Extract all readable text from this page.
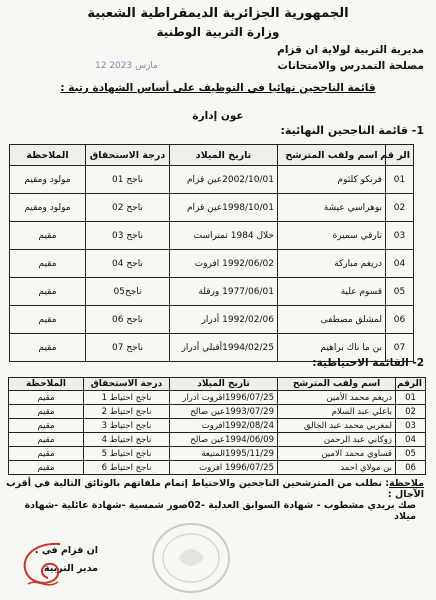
الجمهورية الجزائرية الديمقراطية الشعبية
وزارة التربية الوطنية
مديرية التربية لولاية ان قزام
مصلحة التمدرس والامتحانات
12 مارس 2023
قائمة الناجحين نهائيا في التوظيف على أساس الشهادة رتبة :
عون إدارة
1- قائمة الناجحين النهائية:
الر قم	اسم ولقب المترشح	تاريخ الميلاد	درجة الاستحقاق	الملاحظة
01	فرنكو كلثوم	2002/10/01عين قزام	ناجح 01	مولود ومقيم
02	بوهراسي عيشة	1998/10/01عين قزام	ناجح 02	مولود ومقيم
03	تارقي سميرة	خلال 1984 تمنراست	ناجح 03	مقيم
04	دريغم مباركة	1992/06/02 افروت	ناجح 04	مقيم
05	قسوم علية	1977/06/01 ورقلة	ناجح05	مقيم
06	لمشلق مصطفى	1992/02/06 أدرار	ناجح 06	مقيم
07	بن ما ناك براهيم	1994/02/25أقبلي أدرار	ناجح 07	مقيم
2- القائمة الاحتياطية:
الرقم	اسم ولقب المترشح	تاريخ الميلاد	درجة الاستحقاق	الملاحظة
01	دريغم محمد الأمين	1996/07/25افروت ادرار	ناجح احتياط 1	مقيم
02	باعلي عبد السلام	1993/07/29عين صالح	ناجح احتياط 2	مقيم
03	لمغربي محمد عبد الخالق	1992/08/24افروت	ناجح احتياط 3	مقيم
04	زوكاني عبد الرحمن	1994/06/09عين صالح	ناجح احتياط 4	مقيم
05	قساوي محمد الامين	1995/11/29المنيعة	ناجح احتياط 5	مقيم
06	بن مولاي احمد	1996/07/25 افروت	ناجح احتياط 6	مقيم
ملاحظة: نطلب من المترشحين الناجحين والاحتياط إتمام ملفاتهم بالوثائق التالية في أقرب الآجال :
صك بريدي مشطوب - شهادة السوابق العدلية -02صور شمسية -شهادة عائلية -شهادة ميلاد
ان قزام في :
مدير التربية
